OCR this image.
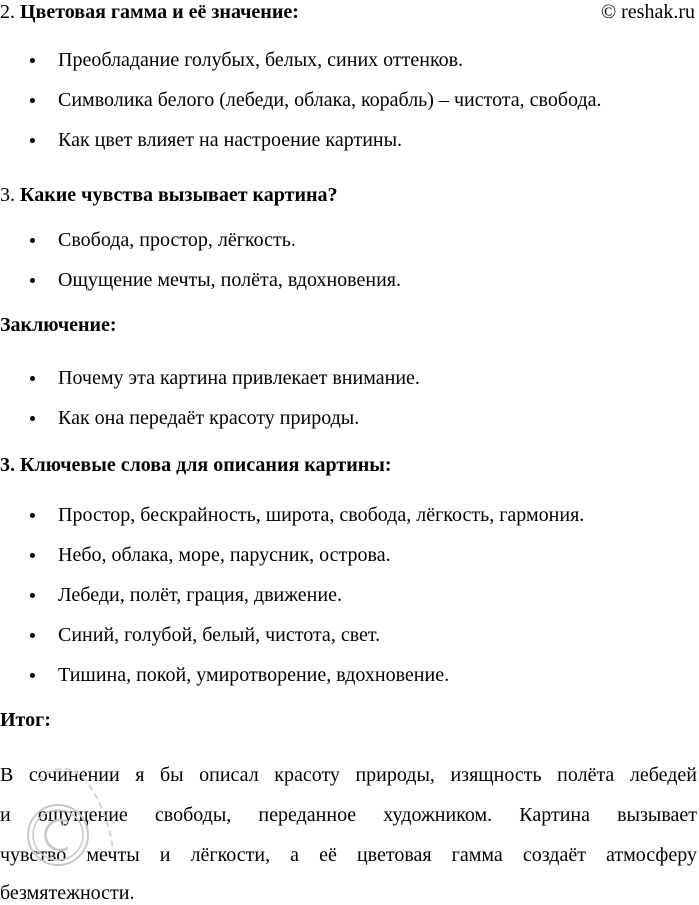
2. Цветовая гамма и её значение:	© reshak.ru
Преобладание голубых, белых, синих оттенков.
Символика белого (лебеди, облака, корабль) – чистота, свобода.
Как цвет влияет на настроение картины.
3. Какие чувства вызывает картина?
Свобода, простор, лёгкость.
Ощущение мечты, полёта, вдохновения.
Заключение:
Почему эта картина привлекает внимание.
Как она передаёт красоту природы.
3. Ключевые слова для описания картины:
Простор, бескрайность, широта, свобода, лёгкость, гармония.
Небо, облака, море, парусник, острова.
Лебеди, полёт, грация, движение.
Синий, голубой, белый, чистота, свет.
Тишина, покой, умиротворение, вдохновение.
Итог:
В сочинении я бы описал красоту природы, изящность полёта лебедей
и ощущение свободы, переданное художником. Картина вызывает
чувство мечты и лёгкости, а её цветовая гамма создаёт атмосферу
безмятежности.
